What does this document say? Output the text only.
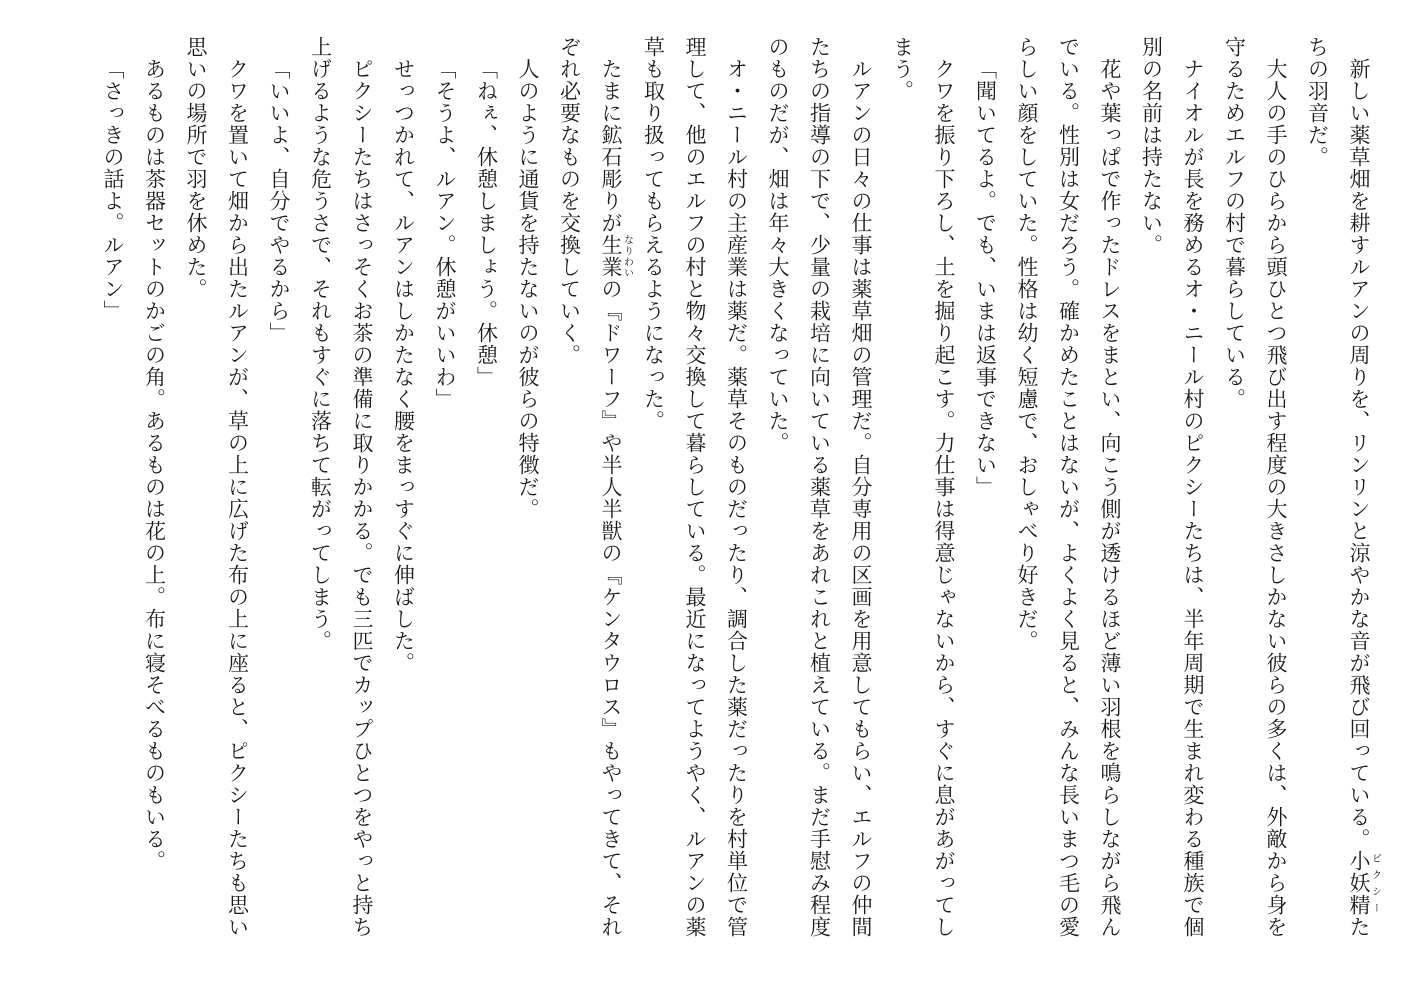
新しい薬草畑を耕すルアンの周りを、リンリンと涼やかな音が飛び回っている。小妖精ピクシーた

ちの羽音だ。

大人の手のひらから頭ひとつ飛び出す程度の大きさしかない彼らの多くは、外敵から身を

守るためエルフの村で暮らしている。

ナイオルが長を務めるオ・ニール村のピクシーたちは、半年周期で生まれ変わる種族で個

別の名前は持たない。

花や葉っぱで作ったドレスをまとい、向こう側が透けるほど薄い羽根を鳴らしながら飛ん

でいる。性別は女だろう。確かめたことはないが、よくよく見ると、みんな長いまつ毛の愛

らしい顔をしていた。性格は幼く短慮で、おしゃべり好きだ。

「聞いてるよ。でも、いまは返事できない」

クワを振り下ろし、土を掘り起こす。力仕事は得意じゃないから、すぐに息があがってし

まう。

ルアンの日々の仕事は薬草畑の管理だ。自分専用の区画を用意してもらい、エルフの仲間

たちの指導の下で、少量の栽培に向いている薬草をあれこれと植えている。まだ手慰み程度

のものだが、畑は年々大きくなっていた。

オ・ニール村の主産業は薬だ。薬草そのものだったり、調合した薬だったりを村単位で管

理して、他のエルフの村と物々交換して暮らしている。最近になってようやく、ルアンの薬

草も取り扱ってもらえるようになった。

たまに鉱石彫りが生業なりわいの『ドワーフ』や半人半獣の『ケンタウロス』もやってきて、それ

ぞれ必要なものを交換していく。

人のように通貨を持たないのが彼らの特徴だ。

「ねぇ、休憩しましょう。休憩」

「そうよ、ルアン。休憩がいいわ」

せっつかれて、ルアンはしかたなく腰をまっすぐに伸ばした。

ピクシーたちはさっそくお茶の準備に取りかかる。でも三匹でカップひとつをやっと持ち

上げるような危うさで、それもすぐに落ちて転がってしまう。

「いいよ、自分でやるから」

クワを置いて畑から出たルアンが、草の上に広げた布の上に座ると、ピクシーたちも思い

思いの場所で羽を休めた。

あるものは茶器セットのかごの角。あるものは花の上。布に寝そべるものもいる。

「さっきの話よ。ルアン」
